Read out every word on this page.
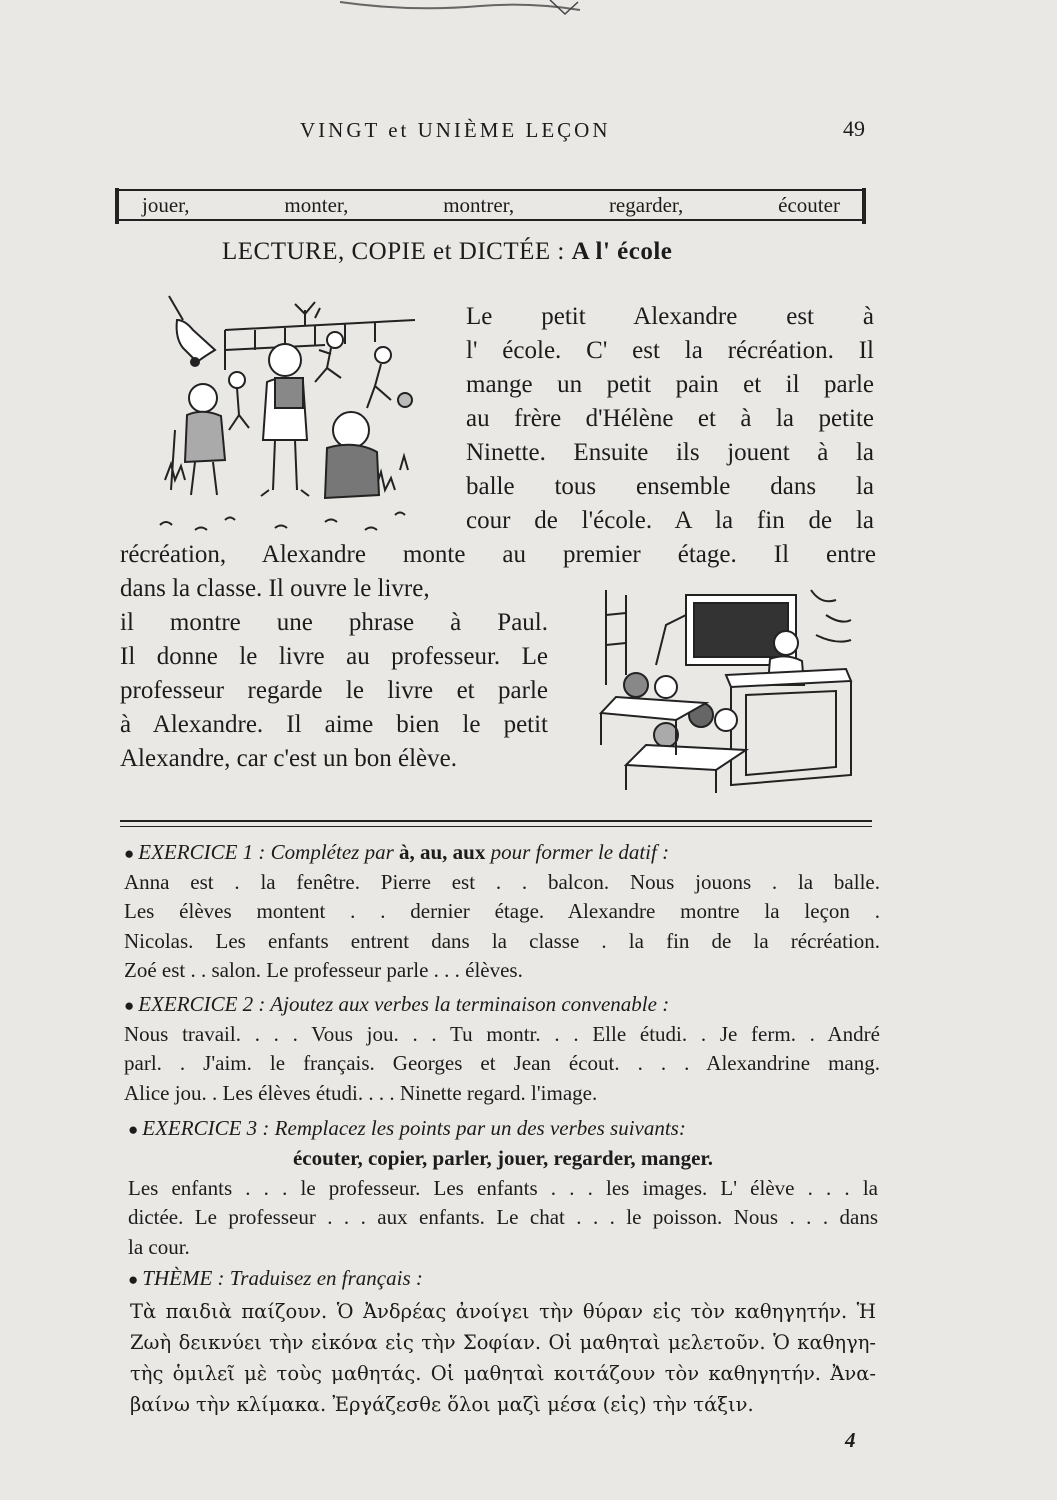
VINGT et UNIÈME LEÇON	49
jouer,	monter,	montrer,	regarder,	écouter
LECTURE, COPIE et DICTÉE : A l' école
Le petit Alexandre est à
l' école. C' est la récréation. Il
mange un petit pain et il parle
au frère d'Hélène et à la petite
Ninette. Ensuite ils jouent à la
balle tous ensemble dans la
cour de l'école. A la fin de la
récréation, Alexandre monte au premier étage. Il entre
dans la classe. Il ouvre le livre,
il montre une phrase à Paul.
Il donne le livre au professeur. Le
professeur regarde le livre et parle
à Alexandre. Il aime bien le petit
Alexandre, car c'est un bon élève.
● EXERCICE 1 : Complétez par à, au, aux pour former le datif :
Anna est . la fenêtre. Pierre est . . balcon. Nous jouons . la balle.
Les élèves montent . . dernier étage. Alexandre montre la leçon .
Nicolas. Les enfants entrent dans la classe . la fin de la récréation.
Zoé est . . salon. Le professeur parle . . . élèves.
● EXERCICE 2 : Ajoutez aux verbes la terminaison convenable :
Nous travail. . . . Vous jou. . . Tu montr. . . Elle étudi. . Je ferm. . André
parl. . J'aim. le français. Georges et Jean écout. . . . Alexandrine mang.
Alice jou. . Les élèves étudi. . . . Ninette regard. l'image.
● EXERCICE 3 : Remplacez les points par un des verbes suivants:
écouter, copier, parler, jouer, regarder, manger.
Les enfants . . . le professeur. Les enfants . . . les images. L' élève . . . la
dictée. Le professeur . . . aux enfants. Le chat . . . le poisson. Nous . . . dans
la cour.
● THÈME : Traduisez en français :
Τὰ παιδιὰ παίζουν. Ὁ Ἀνδρέας ἀνοίγει τὴν θύραν εἰς τὸν καθηγητήν. Ἡ
Ζωὴ δεικνύει τὴν εἰκόνα εἰς τὴν Σοφίαν. Οἱ μαθηταὶ μελετοῦν. Ὁ καθηγη-
τὴς ὁμιλεῖ μὲ τοὺς μαθητάς. Οἱ μαθηταὶ κοιτάζουν τὸν καθηγητήν. Ἀνα-
βαίνω τὴν κλίμακα. Ἐργάζεσθε ὅλοι μαζὶ μέσα (εἰς) τὴν τάξιν.
4
